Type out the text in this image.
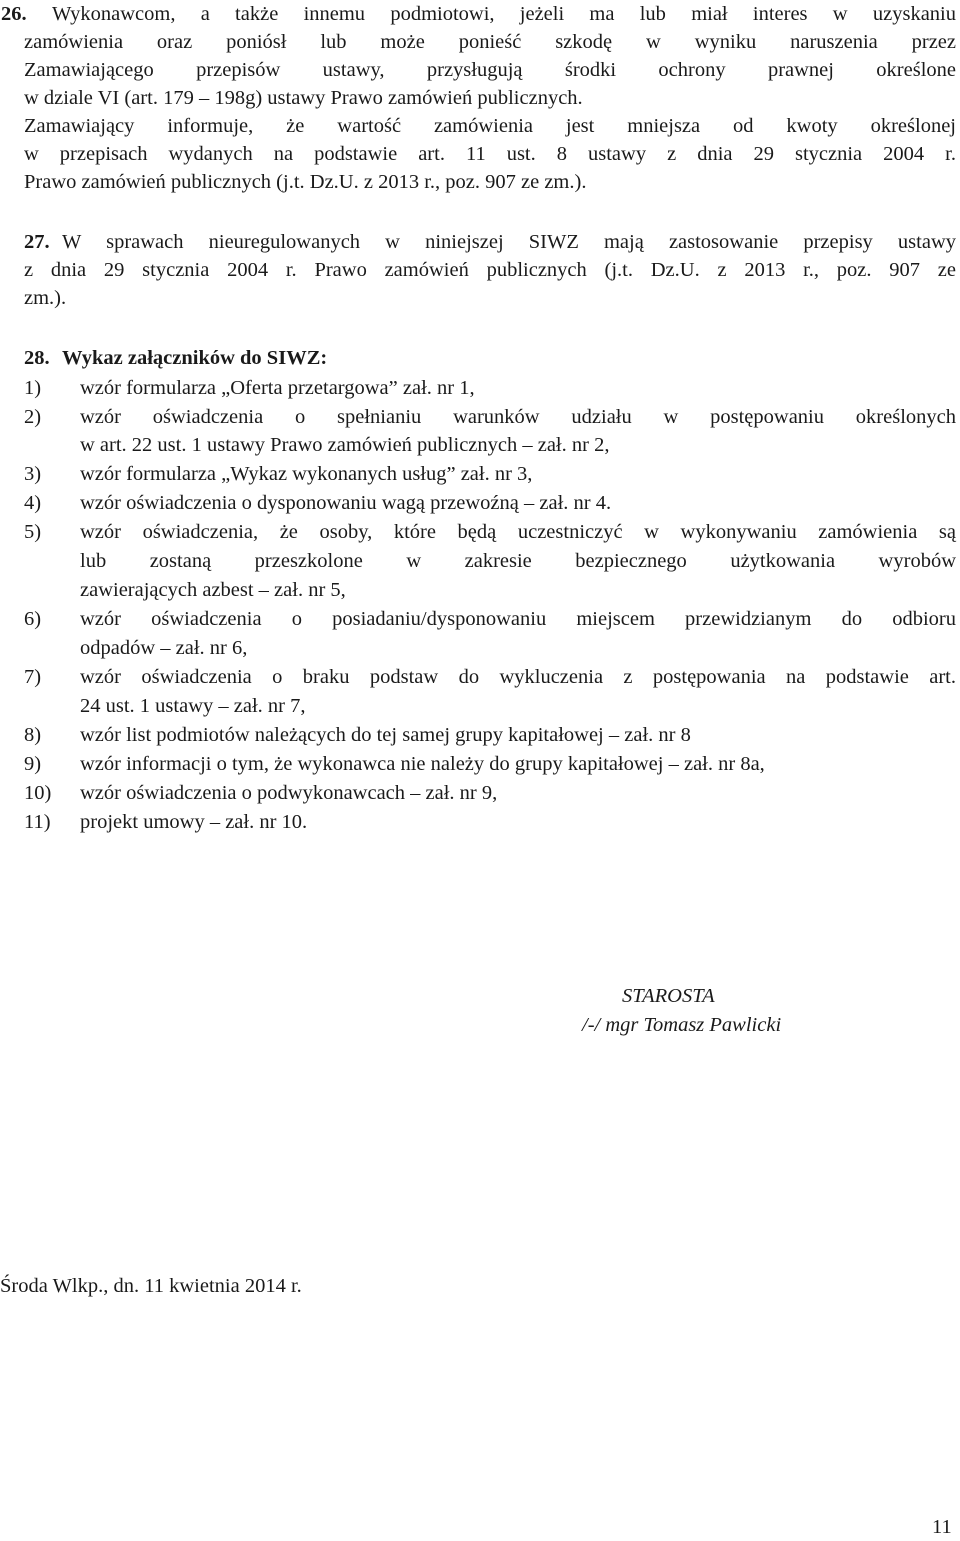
26. Wykonawcom, a także innemu podmiotowi, jeżeli ma lub miał interes w uzyskaniu
zamówienia oraz poniósł lub może ponieść szkodę w wyniku naruszenia przez
Zamawiającego przepisów ustawy, przysługują środki ochrony prawnej określone
w dziale VI (art. 179 – 198g) ustawy Prawo zamówień publicznych.
Zamawiający informuje, że wartość zamówienia jest mniejsza od kwoty określonej
w przepisach wydanych na podstawie art. 11 ust. 8 ustawy z dnia 29 stycznia 2004 r.
Prawo zamówień publicznych (j.t. Dz.U. z 2013 r., poz. 907 ze zm.).
27. W sprawach nieuregulowanych w niniejszej SIWZ mają zastosowanie przepisy ustawy
z dnia 29 stycznia 2004 r. Prawo zamówień publicznych (j.t. Dz.U. z 2013 r., poz. 907 ze
zm.).
28. Wykaz załączników do SIWZ:
1) wzór formularza „Oferta przetargowa” zał. nr 1,
2) wzór oświadczenia o spełnianiu warunków udziału w postępowaniu określonych
w art. 22 ust. 1 ustawy Prawo zamówień publicznych – zał. nr 2,
3) wzór formularza „Wykaz wykonanych usług” zał. nr 3,
4) wzór oświadczenia o dysponowaniu wagą przewoźną – zał. nr 4.
5) wzór oświadczenia, że osoby, które będą uczestniczyć w wykonywaniu zamówienia są
lub zostaną przeszkolone w zakresie bezpiecznego użytkowania wyrobów
zawierających azbest – zał. nr 5,
6) wzór oświadczenia o posiadaniu/dysponowaniu miejscem przewidzianym do odbioru
odpadów – zał. nr 6,
7) wzór oświadczenia o braku podstaw do wykluczenia z postępowania na podstawie art.
24 ust. 1 ustawy – zał. nr 7,
8) wzór list podmiotów należących do tej samej grupy kapitałowej – zał. nr 8
9) wzór informacji o tym, że wykonawca nie należy do grupy kapitałowej – zał. nr 8a,
10) wzór oświadczenia o podwykonawcach – zał. nr 9,
11) projekt umowy – zał. nr 10.
STAROSTA
/-/ mgr Tomasz Pawlicki
Środa Wlkp., dn. 11 kwietnia 2014 r.
11
